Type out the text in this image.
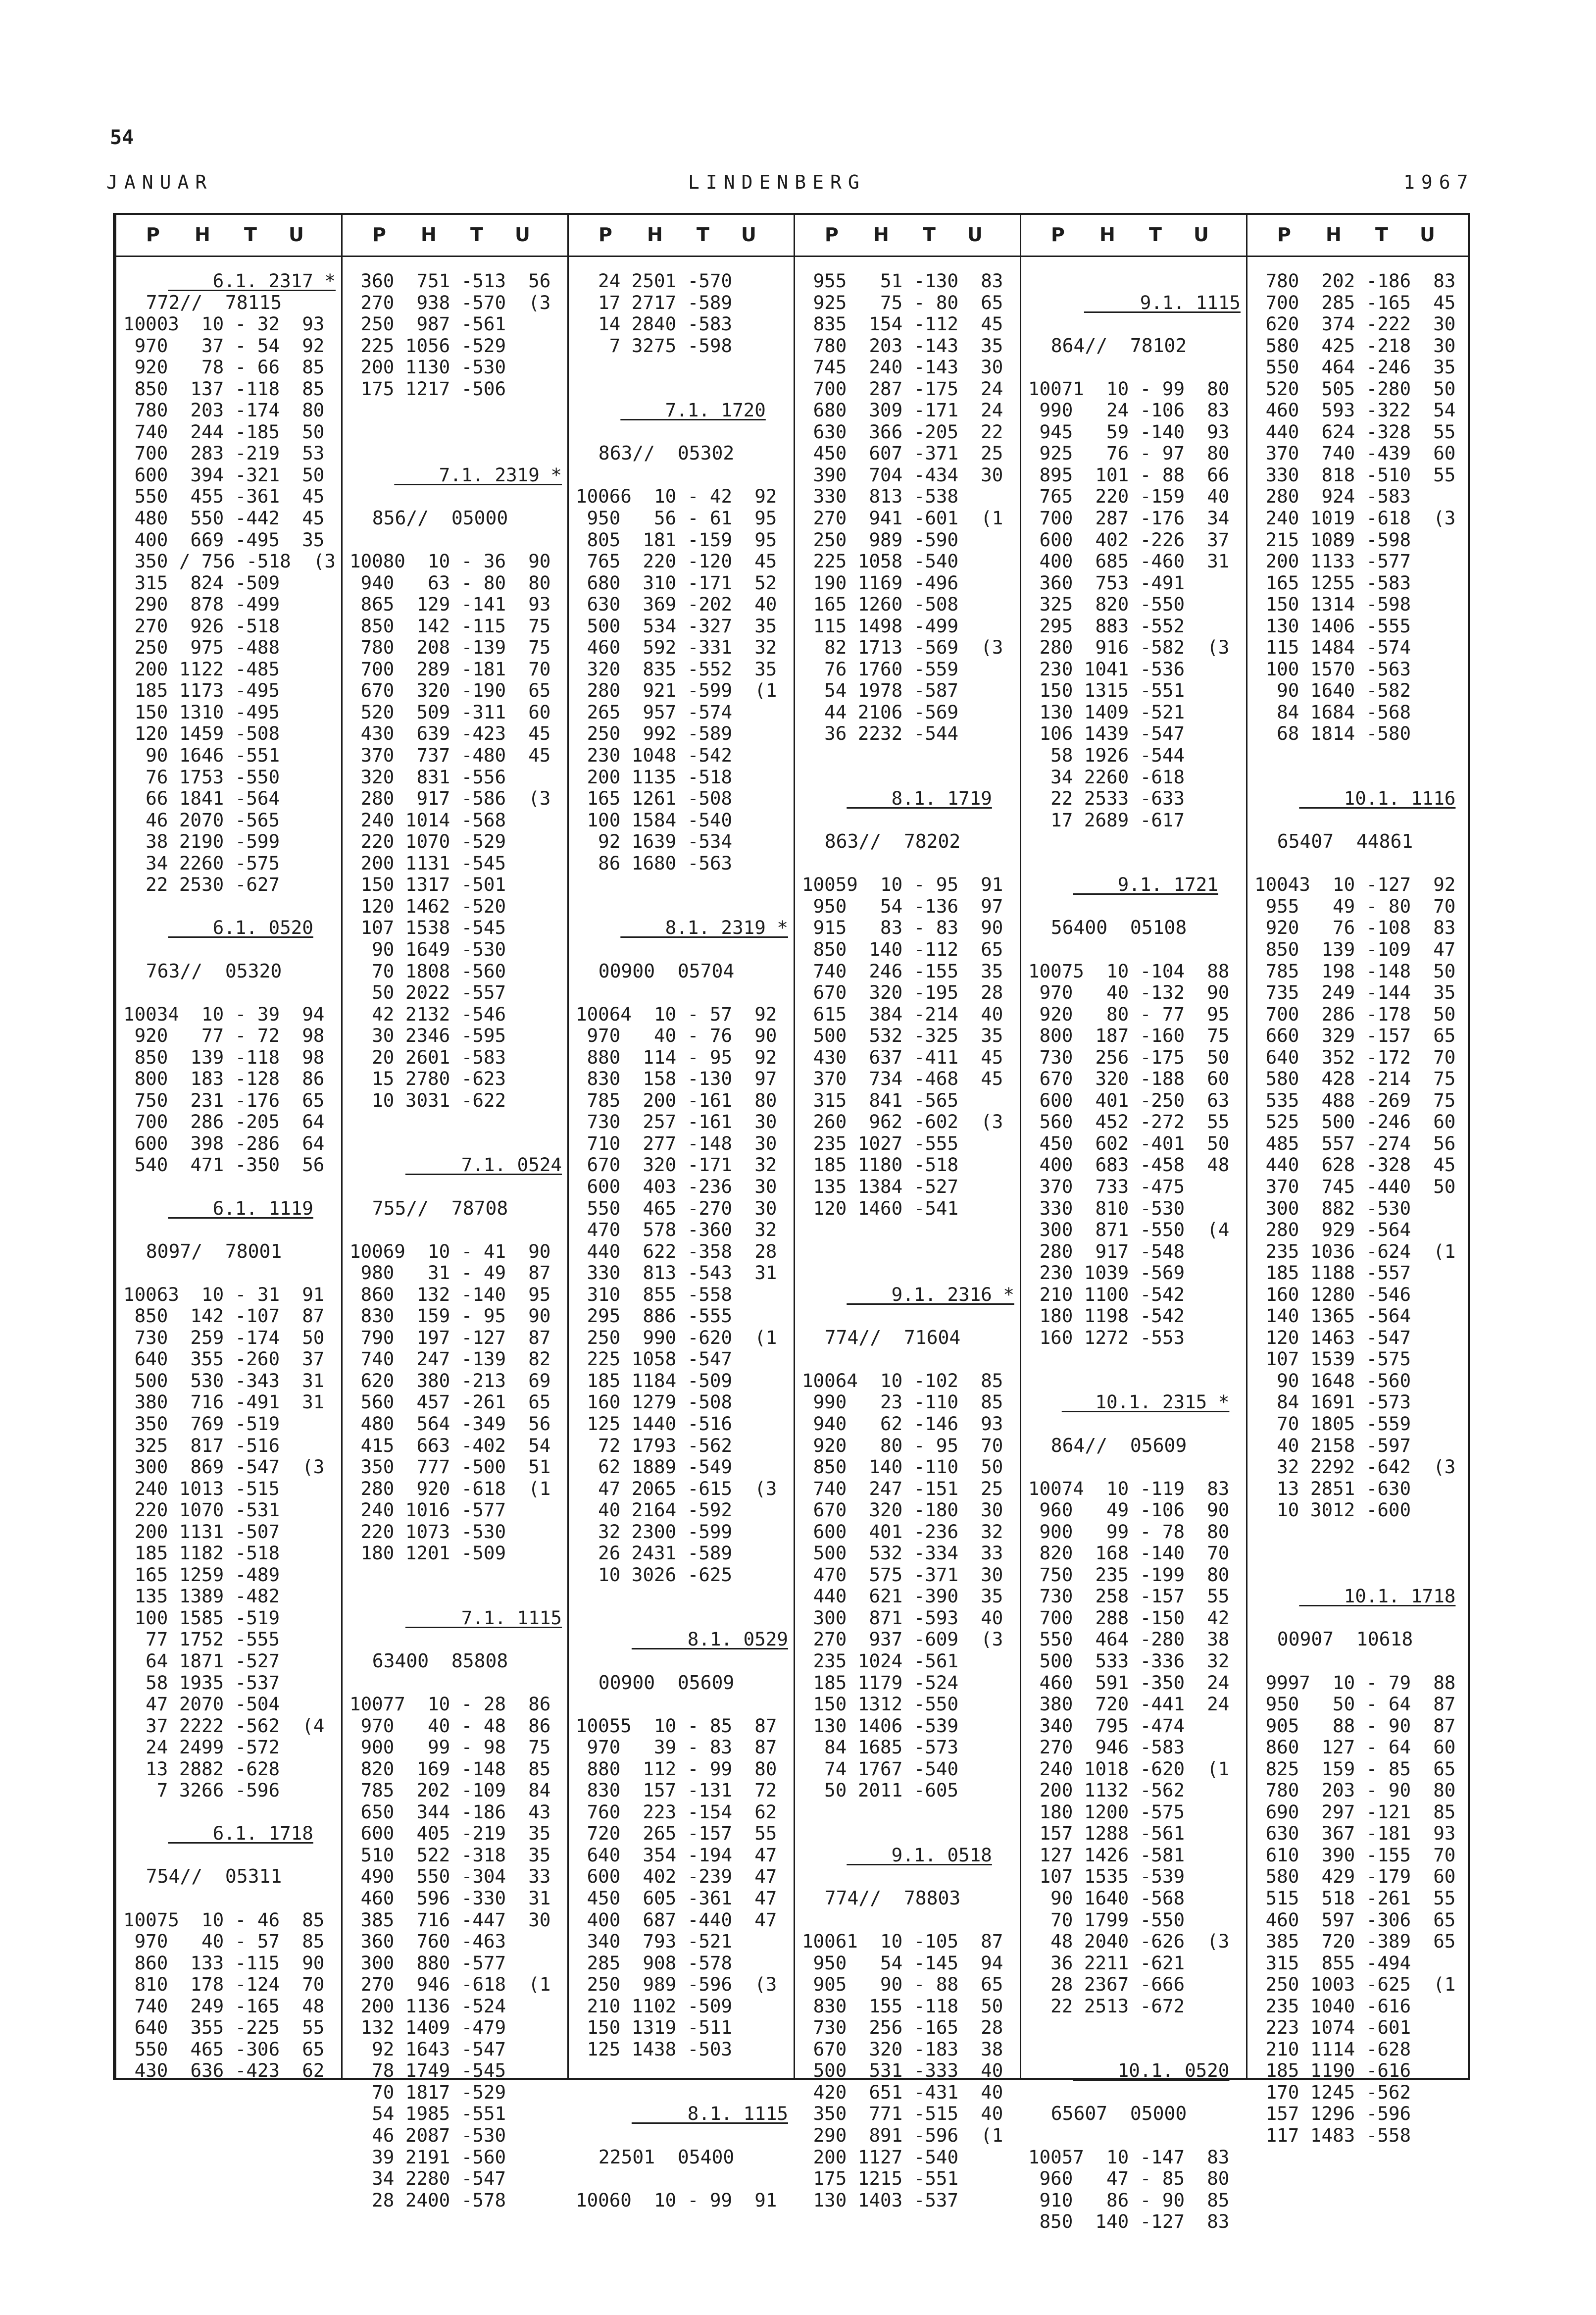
54
JANUAR	LINDENBERG	1967
P H T U
6.1. 2317 *
772//  78115
10003  10 - 32  93
970   37 - 54  92
920   78 - 66  85
850  137 -118  85
780  203 -174  80
740  244 -185  50
700  283 -219  53
600  394 -321  50
550  455 -361  45
480  550 -442  45
400  669 -495  35
350 / 756 -518  (3
315  824 -509
290  878 -499
270  926 -518
250  975 -488
200 1122 -485
185 1173 -495
150 1310 -495
120 1459 -508
90 1646 -551
76 1753 -550
66 1841 -564
46 2070 -565
38 2190 -599
34 2260 -575
22 2530 -627
6.1. 0520
763//  05320
10034  10 - 39  94
920   77 - 72  98
850  139 -118  98
800  183 -128  86
750  231 -176  65
700  286 -205  64
600  398 -286  64
540  471 -350  56
6.1. 1119
8097/  78001
10063  10 - 31  91
850  142 -107  87
730  259 -174  50
640  355 -260  37
500  530 -343  31
380  716 -491  31
350  769 -519
325  817 -516
300  869 -547  (3
240 1013 -515
220 1070 -531
200 1131 -507
185 1182 -518
165 1259 -489
135 1389 -482
100 1585 -519
77 1752 -555
64 1871 -527
58 1935 -537
47 2070 -504
37 2222 -562  (4
24 2499 -572
13 2882 -628
7 3266 -596
6.1. 1718
754//  05311
10075  10 - 46  85
970   40 - 57  85
860  133 -115  90
810  178 -124  70
740  249 -165  48
640  355 -225  55
550  465 -306  65
430  636 -423  62
P H T U
360  751 -513  56
270  938 -570  (3
250  987 -561
225 1056 -529
200 1130 -530
175 1217 -506
7.1. 2319 *
856//  05000
10080  10 - 36  90
940   63 - 80  80
865  129 -141  93
850  142 -115  75
780  208 -139  75
700  289 -181  70
670  320 -190  65
520  509 -311  60
430  639 -423  45
370  737 -480  45
320  831 -556
280  917 -586  (3
240 1014 -568
220 1070 -529
200 1131 -545
150 1317 -501
120 1462 -520
107 1538 -545
90 1649 -530
70 1808 -560
50 2022 -557
42 2132 -546
30 2346 -595
20 2601 -583
15 2780 -623
10 3031 -622
7.1. 0524
755//  78708
10069  10 - 41  90
980   31 - 49  87
860  132 -140  95
830  159 - 95  90
790  197 -127  87
740  247 -139  82
620  380 -213  69
560  457 -261  65
480  564 -349  56
415  663 -402  54
350  777 -500  51
280  920 -618  (1
240 1016 -577
220 1073 -530
180 1201 -509
7.1. 1115
63400  85808
10077  10 - 28  86
970   40 - 48  86
900   99 - 98  75
820  169 -148  85
785  202 -109  84
650  344 -186  43
600  405 -219  35
510  522 -318  35
490  550 -304  33
460  596 -330  31
385  716 -447  30
360  760 -463
300  880 -577
270  946 -618  (1
200 1136 -524
132 1409 -479
92 1643 -547
78 1749 -545
70 1817 -529
54 1985 -551
46 2087 -530
39 2191 -560
34 2280 -547
28 2400 -578
P H T U
24 2501 -570
17 2717 -589
14 2840 -583
7 3275 -598
7.1. 1720
863//  05302
10066  10 - 42  92
950   56 - 61  95
805  181 -159  95
765  220 -120  45
680  310 -171  52
630  369 -202  40
500  534 -327  35
460  592 -331  32
320  835 -552  35
280  921 -599  (1
265  957 -574
250  992 -589
230 1048 -542
200 1135 -518
165 1261 -508
100 1584 -540
92 1639 -534
86 1680 -563
8.1. 2319 *
00900  05704
10064  10 - 57  92
970   40 - 76  90
880  114 - 95  92
830  158 -130  97
785  200 -161  80
730  257 -161  30
710  277 -148  30
670  320 -171  32
600  403 -236  30
550  465 -270  30
470  578 -360  32
440  622 -358  28
330  813 -543  31
310  855 -558
295  886 -555
250  990 -620  (1
225 1058 -547
185 1184 -509
160 1279 -508
125 1440 -516
72 1793 -562
62 1889 -549
47 2065 -615  (3
40 2164 -592
32 2300 -599
26 2431 -589
10 3026 -625
8.1. 0529
00900  05609
10055  10 - 85  87
970   39 - 83  87
880  112 - 99  80
830  157 -131  72
760  223 -154  62
720  265 -157  55
640  354 -194  47
600  402 -239  47
450  605 -361  47
400  687 -440  47
340  793 -521
285  908 -578
250  989 -596  (3
210 1102 -509
150 1319 -511
125 1438 -503
8.1. 1115
22501  05400
10060  10 - 99  91
P H T U
955   51 -130  83
925   75 - 80  65
835  154 -112  45
780  203 -143  35
745  240 -143  30
700  287 -175  24
680  309 -171  24
630  366 -205  22
450  607 -371  25
390  704 -434  30
330  813 -538
270  941 -601  (1
250  989 -590
225 1058 -540
190 1169 -496
165 1260 -508
115 1498 -499
82 1713 -569  (3
76 1760 -559
54 1978 -587
44 2106 -569
36 2232 -544
8.1. 1719
863//  78202
10059  10 - 95  91
950   54 -136  97
915   83 - 83  90
850  140 -112  65
740  246 -155  35
670  320 -195  28
615  384 -214  40
500  532 -325  35
430  637 -411  45
370  734 -468  45
315  841 -565
260  962 -602  (3
235 1027 -555
185 1180 -518
135 1384 -527
120 1460 -541
9.1. 2316 *
774//  71604
10064  10 -102  85
990   23 -110  85
940   62 -146  93
920   80 - 95  70
850  140 -110  50
740  247 -151  25
670  320 -180  30
600  401 -236  32
500  532 -334  33
470  575 -371  30
440  621 -390  35
300  871 -593  40
270  937 -609  (3
235 1024 -561
185 1179 -524
150 1312 -550
130 1406 -539
84 1685 -573
74 1767 -540
50 2011 -605
9.1. 0518
774//  78803
10061  10 -105  87
950   54 -145  94
905   90 - 88  65
830  155 -118  50
730  256 -165  28
670  320 -183  38
500  531 -333  40
420  651 -431  40
350  771 -515  40
290  891 -596  (1
200 1127 -540
175 1215 -551
130 1403 -537
P H T U
9.1. 1115
864//  78102
10071  10 - 99  80
990   24 -106  83
945   59 -140  93
925   76 - 97  80
895  101 - 88  66
765  220 -159  40
700  287 -176  34
600  402 -226  37
400  685 -460  31
360  753 -491
325  820 -550
295  883 -552
280  916 -582  (3
230 1041 -536
150 1315 -551
130 1409 -521
106 1439 -547
58 1926 -544
34 2260 -618
22 2533 -633
17 2689 -617
9.1. 1721
56400  05108
10075  10 -104  88
970   40 -132  90
920   80 - 77  95
800  187 -160  75
730  256 -175  50
670  320 -188  60
600  401 -250  63
560  452 -272  55
450  602 -401  50
400  683 -458  48
370  733 -475
330  810 -530
300  871 -550  (4
280  917 -548
230 1039 -569
210 1100 -542
180 1198 -542
160 1272 -553
10.1. 2315 *
864//  05609
10074  10 -119  83
960   49 -106  90
900   99 - 78  80
820  168 -140  70
750  235 -199  80
730  258 -157  55
700  288 -150  42
550  464 -280  38
500  533 -336  32
460  591 -350  24
380  720 -441  24
340  795 -474
270  946 -583
240 1018 -620  (1
200 1132 -562
180 1200 -575
157 1288 -561
127 1426 -581
107 1535 -539
90 1640 -568
70 1799 -550
48 2040 -626  (3
36 2211 -621
28 2367 -666
22 2513 -672
10.1. 0520
65607  05000
10057  10 -147  83
960   47 - 85  80
910   86 - 90  85
850  140 -127  83
P H T U
780  202 -186  83
700  285 -165  45
620  374 -222  30
580  425 -218  30
550  464 -246  35
520  505 -280  50
460  593 -322  54
440  624 -328  55
370  740 -439  60
330  818 -510  55
280  924 -583
240 1019 -618  (3
215 1089 -598
200 1133 -577
165 1255 -583
150 1314 -598
130 1406 -555
115 1484 -574
100 1570 -563
90 1640 -582
84 1684 -568
68 1814 -580
10.1. 1116
65407  44861
10043  10 -127  92
955   49 - 80  70
920   76 -108  83
850  139 -109  47
785  198 -148  50
735  249 -144  35
700  286 -178  50
660  329 -157  65
640  352 -172  70
580  428 -214  75
535  488 -269  75
525  500 -246  60
485  557 -274  56
440  628 -328  45
370  745 -440  50
300  882 -530
280  929 -564
235 1036 -624  (1
185 1188 -557
160 1280 -546
140 1365 -564
120 1463 -547
107 1539 -575
90 1648 -560
84 1691 -573
70 1805 -559
40 2158 -597
32 2292 -642  (3
13 2851 -630
10 3012 -600
10.1. 1718
00907  10618
9997  10 - 79  88
950   50 - 64  87
905   88 - 90  87
860  127 - 64  60
825  159 - 85  65
780  203 - 90  80
690  297 -121  85
630  367 -181  93
610  390 -155  70
580  429 -179  60
515  518 -261  55
460  597 -306  65
385  720 -389  65
315  855 -494
250 1003 -625  (1
235 1040 -616
223 1074 -601
210 1114 -628
185 1190 -616
170 1245 -562
157 1296 -596
117 1483 -558
